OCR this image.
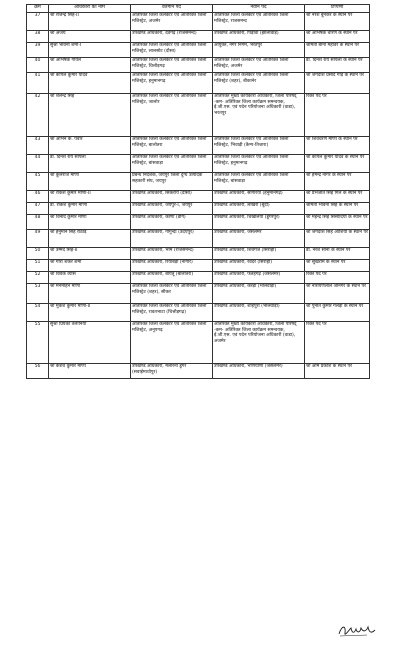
क्रम	अधिकारी का नाम	वर्तमान पद	नवीन पद	टिप्पणी
37	श्री राजेन्द्र सिंह-II	अतिरिक्त जिला कलक्टर एवं अतिरिक्त जिला मजिस्ट्रेट, अजमेर	अतिरिक्त जिला कलक्टर एवं अतिरिक्त जिला मजिस्ट्रेट, राजसमन्द	श्री नरेश बुनकर के स्थान पर
38	श्री अजय	उपखण्ड अधिकारी, देवगढ़ (राजसमन्द)	उपखण्ड अधिकारी, पिड़ावा (झालावाड़)	श्री अभिषेक चारण के स्थान पर
39	सुश्री भावना शर्मा-I	अतिरिक्त जिला कलक्टर एवं अतिरिक्त जिला मजिस्ट्रेट, लालसोट (दौसा)	आयुक्त, नगर निगम, भरतपुर	श्रीमती बीना महावर के स्थान पर
40	श्री अभिषेक गोयल	अतिरिक्त जिला कलक्टर एवं अतिरिक्त जिला मजिस्ट्रेट, चित्तौड़गढ़	अतिरिक्त जिला कलक्टर एवं अतिरिक्त जिला मजिस्ट्रेट, अजमेर	डॉ. दिनेश राय सापेला के स्थान पर
41	श्री कपिल कुमार यादव	अतिरिक्त जिला कलक्टर एवं अतिरिक्त जिला मजिस्ट्रेट, हनुमानगढ़	अतिरिक्त जिला कलक्टर एवं अतिरिक्त जिला मजिस्ट्रेट (शहर), बीकानेर	श्री जगदीश प्रसाद गौड़ के स्थान पर
42	श्री शैलेन्द्र सिंह	अतिरिक्त जिला कलक्टर एवं अतिरिक्त जिला मजिस्ट्रेट, जालोर	अतिरिक्त मुख्य कार्यकारी अधिकारी, जिला परिषद् -कम- अतिरिक्त जिला कार्यक्रम समन्वयक, ई.जी.एस. एवं पदेन परियोजना अधिकारी (वाडा), भरतपुर	रिक्त पद पर
43	श्री अभिन के. पंवार	अतिरिक्त जिला कलक्टर एवं अतिरिक्त जिला मजिस्ट्रेट, बालोतरा	अतिरिक्त जिला कलक्टर एवं अतिरिक्त जिला मजिस्ट्रेट, भिवाड़ी (कैम्प-तिजारा)	श्री शिवचरण मीणा के स्थान पर
44	डॉ. दिनेश राय सापेला	अतिरिक्त जिला कलक्टर एवं अतिरिक्त जिला मजिस्ट्रेट, बांसवाड़ा	अतिरिक्त जिला कलक्टर एवं अतिरिक्त जिला मजिस्ट्रेट, हनुमानगढ़	श्री कपिल कुमार यादव के स्थान पर
45	श्री कुलराज मीणा	प्रबन्ध निदेशक, जयपुर जिला दुग्ध उत्पादक सहकारी संघ, जयपुर	अतिरिक्त जिला कलक्टर एवं अतिरिक्त जिला मजिस्ट्रेट, बांसवाड़ा	श्री हेमेन्द्र नागर के स्थान पर
46	श्री राकेश कुमार मीणा-II	उपखण्ड अधिकारी, सिकराय (दौसा)	उपखण्ड अधिकारी, सांगरिया (हनुमानगढ़)	श्री प्रभजोत सिंह गिल के स्थान पर
47	डॉ. राकेश कुमार मीणा	उपखण्ड अधिकारी, जयपुर-I, जयपुर	उपखण्ड अधिकारी, लाखेरी (बूंदी)	श्रीमती भावना सिंह के स्थान पर
48	श्री विनोद कुमार मीणा	उपखण्ड अधिकारी, काणा (डीग)	उपखण्ड अधिकारी, चिखलिया (डूंगरपुर)	श्री महेन्द्र सिंह सिसोदिया के स्थान पर
49	श्री हनुमान सिंह राठौड़	उपखण्ड अधिकारी, गोगुन्दा (उदयपुर)	उपखण्ड अधिकारी, जैसलमेर	श्री जगदीश सिंह आशिया के स्थान पर
50	श्री उम्मेद सिंह-II	उपखण्ड अधिकारी, भीम (राजसमन्द)	उपखण्ड अधिकारी, शिवगंज (सिरोही)	डॉ. नरेश सोनी के स्थान पर
51	श्री गोरी शंकर शर्मा	उपखण्ड अधिकारी, रियांबड़ी (नागौर)	उपखण्ड अधिकारी, रेवदर (सिरोही)	श्री सुखराम के स्थान पर
52	श्री विवेक व्यास	उपखण्ड अधिकारी, बायतू (बालोतरा)	उपखण्ड अधिकारी, फतेहगढ़ (जैसलमेर)	रिक्त पद पर
53	श्री मनमोहन मीणा	अतिरिक्त जिला कलक्टर एवं अतिरिक्त जिला मजिस्ट्रेट (शहर), सीकर	उपखण्ड अधिकारी, करेड़ा (भीलवाड़ा)	श्री नारायणलाल जीनगर के स्थान पर
54	श्री मुकेश कुमार मीणा-II	अतिरिक्त जिला कलक्टर एवं अतिरिक्त जिला मजिस्ट्रेट, रावतभाटा (चित्तौड़गढ़)	उपखण्ड अधिकारी, शाहपुरा (भीलवाड़ा)	श्री पुनीत कुमार गेलड़ा के स्थान पर
55	सुश्री प्रियंका तलानिया	अतिरिक्त जिला कलक्टर एवं अतिरिक्त जिला मजिस्ट्रेट, अनूपगढ़	अतिरिक्त मुख्य कार्यकारी अधिकारी, जिला परिषद् -कम- अतिरिक्त जिला कार्यक्रम समन्वयक, ई.जी.एस. एवं पदेन परियोजना अधिकारी (वाडा), अजमेर	रिक्त पद पर
56	श्री केशव कुमार मीणा	उपखण्ड अधिकारी, मलारना डूंगर (सवाईमाधोपुर)	उपखण्ड अधिकारी, भणियाणा (जैसलमेर)	श्री ओम प्रकाश के स्थान पर
